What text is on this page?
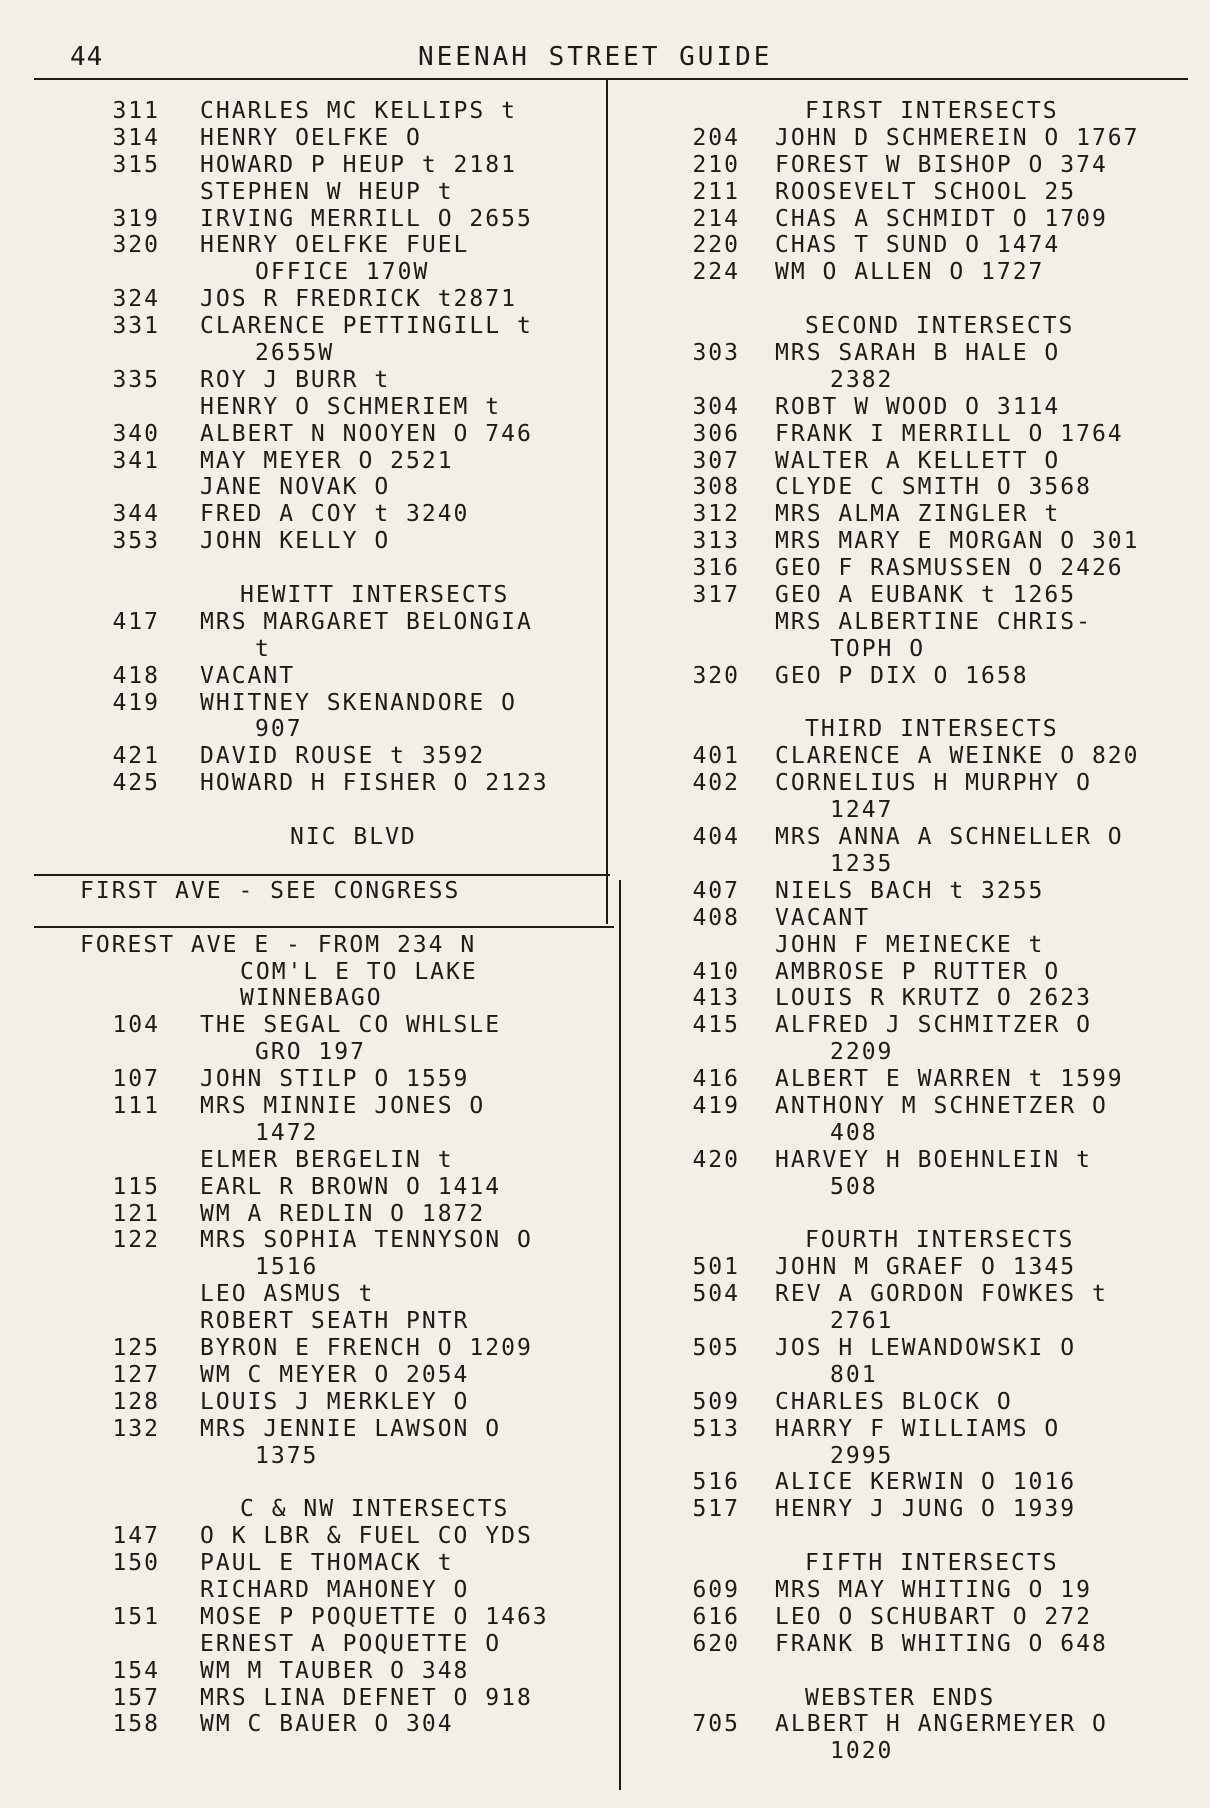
44	NEENAH STREET GUIDE
311 CHARLES MC KELLIPS t
314 HENRY OELFKE O
315 HOWARD P HEUP t 2181
STEPHEN W HEUP t
319 IRVING MERRILL O 2655
320 HENRY OELFKE FUEL
OFFICE 170W
324 JOS R FREDRICK t2871
331 CLARENCE PETTINGILL t
2655W
335 ROY J BURR t
HENRY O SCHMERIEM t
340 ALBERT N NOOYEN O 746
341 MAY MEYER O 2521
JANE NOVAK O
344 FRED A COY t 3240
353 JOHN KELLY O
HEWITT INTERSECTS
417 MRS MARGARET BELONGIA
t
418 VACANT
419 WHITNEY SKENANDORE O
907
421 DAVID ROUSE t 3592
425 HOWARD H FISHER O 2123
NIC BLVD
FIRST AVE - SEE CONGRESS
FOREST AVE E - FROM 234 N
COM'L E TO LAKE
WINNEBAGO
104 THE SEGAL CO WHLSLE
GRO 197
107 JOHN STILP O 1559
111 MRS MINNIE JONES O
1472
ELMER BERGELIN t
115 EARL R BROWN O 1414
121 WM A REDLIN O 1872
122 MRS SOPHIA TENNYSON O
1516
LEO ASMUS t
ROBERT SEATH PNTR
125 BYRON E FRENCH O 1209
127 WM C MEYER O 2054
128 LOUIS J MERKLEY O
132 MRS JENNIE LAWSON O
1375
C & NW INTERSECTS
147 O K LBR & FUEL CO YDS
150 PAUL E THOMACK t
RICHARD MAHONEY O
151 MOSE P POQUETTE O 1463
ERNEST A POQUETTE O
154 WM M TAUBER O 348
157 MRS LINA DEFNET O 918
158 WM C BAUER O 304
FIRST INTERSECTS
204 JOHN D SCHMEREIN O 1767
210 FOREST W BISHOP O 374
211 ROOSEVELT SCHOOL 25
214 CHAS A SCHMIDT O 1709
220 CHAS T SUND O 1474
224 WM O ALLEN O 1727
SECOND INTERSECTS
303 MRS SARAH B HALE O
2382
304 ROBT W WOOD O 3114
306 FRANK I MERRILL O 1764
307 WALTER A KELLETT O
308 CLYDE C SMITH O 3568
312 MRS ALMA ZINGLER t
313 MRS MARY E MORGAN O 301
316 GEO F RASMUSSEN O 2426
317 GEO A EUBANK t 1265
MRS ALBERTINE CHRIS-
TOPH O
320 GEO P DIX O 1658
THIRD INTERSECTS
401 CLARENCE A WEINKE O 820
402 CORNELIUS H MURPHY O
1247
404 MRS ANNA A SCHNELLER O
1235
407 NIELS BACH t 3255
408 VACANT
JOHN F MEINECKE t
410 AMBROSE P RUTTER O
413 LOUIS R KRUTZ O 2623
415 ALFRED J SCHMITZER O
2209
416 ALBERT E WARREN t 1599
419 ANTHONY M SCHNETZER O
408
420 HARVEY H BOEHNLEIN t
508
FOURTH INTERSECTS
501 JOHN M GRAEF O 1345
504 REV A GORDON FOWKES t
2761
505 JOS H LEWANDOWSKI O
801
509 CHARLES BLOCK O
513 HARRY F WILLIAMS O
2995
516 ALICE KERWIN O 1016
517 HENRY J JUNG O 1939
FIFTH INTERSECTS
609 MRS MAY WHITING O 19
616 LEO O SCHUBART O 272
620 FRANK B WHITING O 648
WEBSTER ENDS
705 ALBERT H ANGERMEYER O
1020
